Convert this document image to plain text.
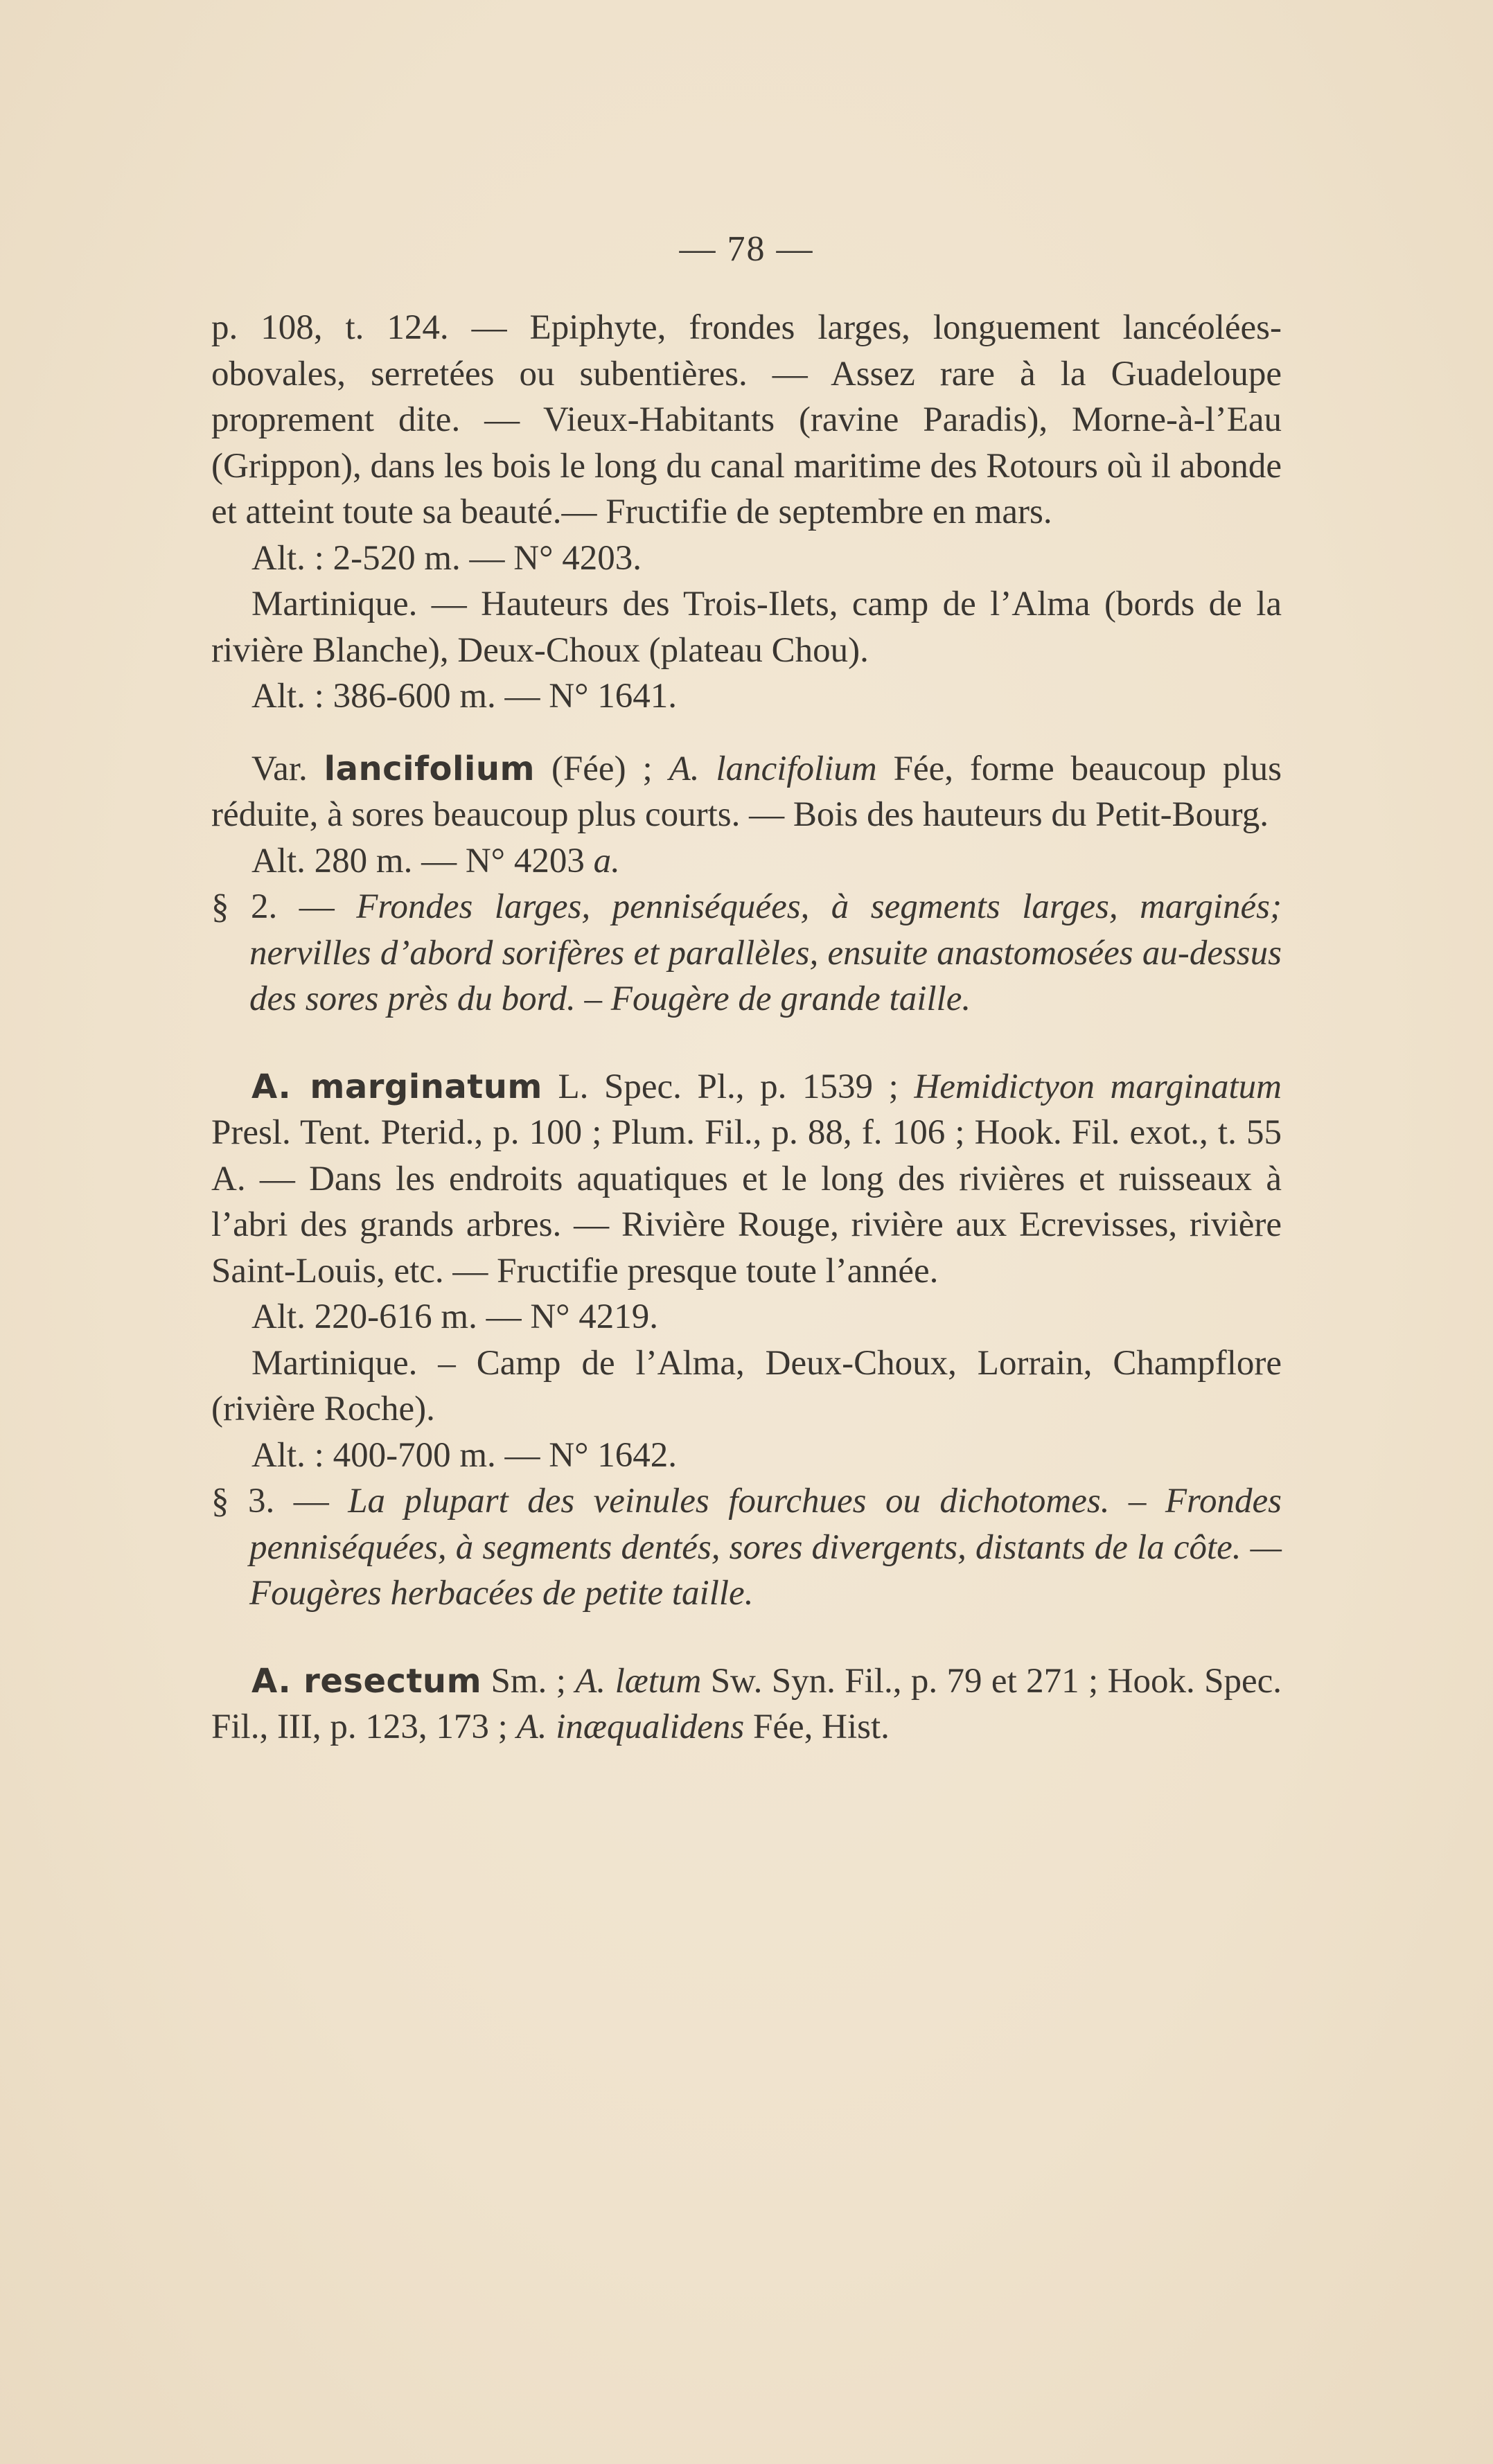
— 78 —

p. 108, t. 124. — Epiphyte, frondes larges, longuement lancéolées-obovales, serretées ou subentières. — Assez rare à la Guadeloupe proprement dite. — Vieux-Habitants (ravine Paradis), Morne-à-l’Eau (Grippon), dans les bois le long du canal maritime des Rotours où il abonde et atteint toute sa beauté.— Fructifie de septembre en mars.

Alt. : 2-520 m. — N° 4203.

Martinique. — Hauteurs des Trois-Ilets, camp de l’Alma (bords de la rivière Blanche), Deux-Choux (plateau Chou).

Alt. : 386-600 m. — N° 1641.

Var. lancifolium (Fée) ; A. lancifolium Fée, forme beaucoup plus réduite, à sores beaucoup plus courts. — Bois des hauteurs du Petit-Bourg.

Alt. 280 m. — N° 4203 a.

§ 2. — Frondes larges, penniséquées, à segments larges, marginés; nervilles d’abord sorifères et parallèles, ensuite anastomosées au-dessus des sores près du bord. – Fougère de grande taille.

A. marginatum L. Spec. Pl., p. 1539 ; Hemidictyon marginatum Presl. Tent. Pterid., p. 100 ; Plum. Fil., p. 88, f. 106 ; Hook. Fil. exot., t. 55 A. — Dans les endroits aquatiques et le long des rivières et ruisseaux à l’abri des grands arbres. — Rivière Rouge, rivière aux Ecrevisses, rivière Saint-Louis, etc. — Fructifie presque toute l’année.

Alt. 220-616 m. — N° 4219.

Martinique. – Camp de l’Alma, Deux-Choux, Lorrain, Champflore (rivière Roche).

Alt. : 400-700 m. — N° 1642.

§ 3. — La plupart des veinules fourchues ou dichotomes. – Frondes penniséquées, à segments dentés, sores divergents, distants de la côte. — Fougères herbacées de petite taille.

A. resectum Sm. ; A. lætum Sw. Syn. Fil., p. 79 et 271 ; Hook. Spec. Fil., III, p. 123, 173 ; A. inæqualidens Fée, Hist.
